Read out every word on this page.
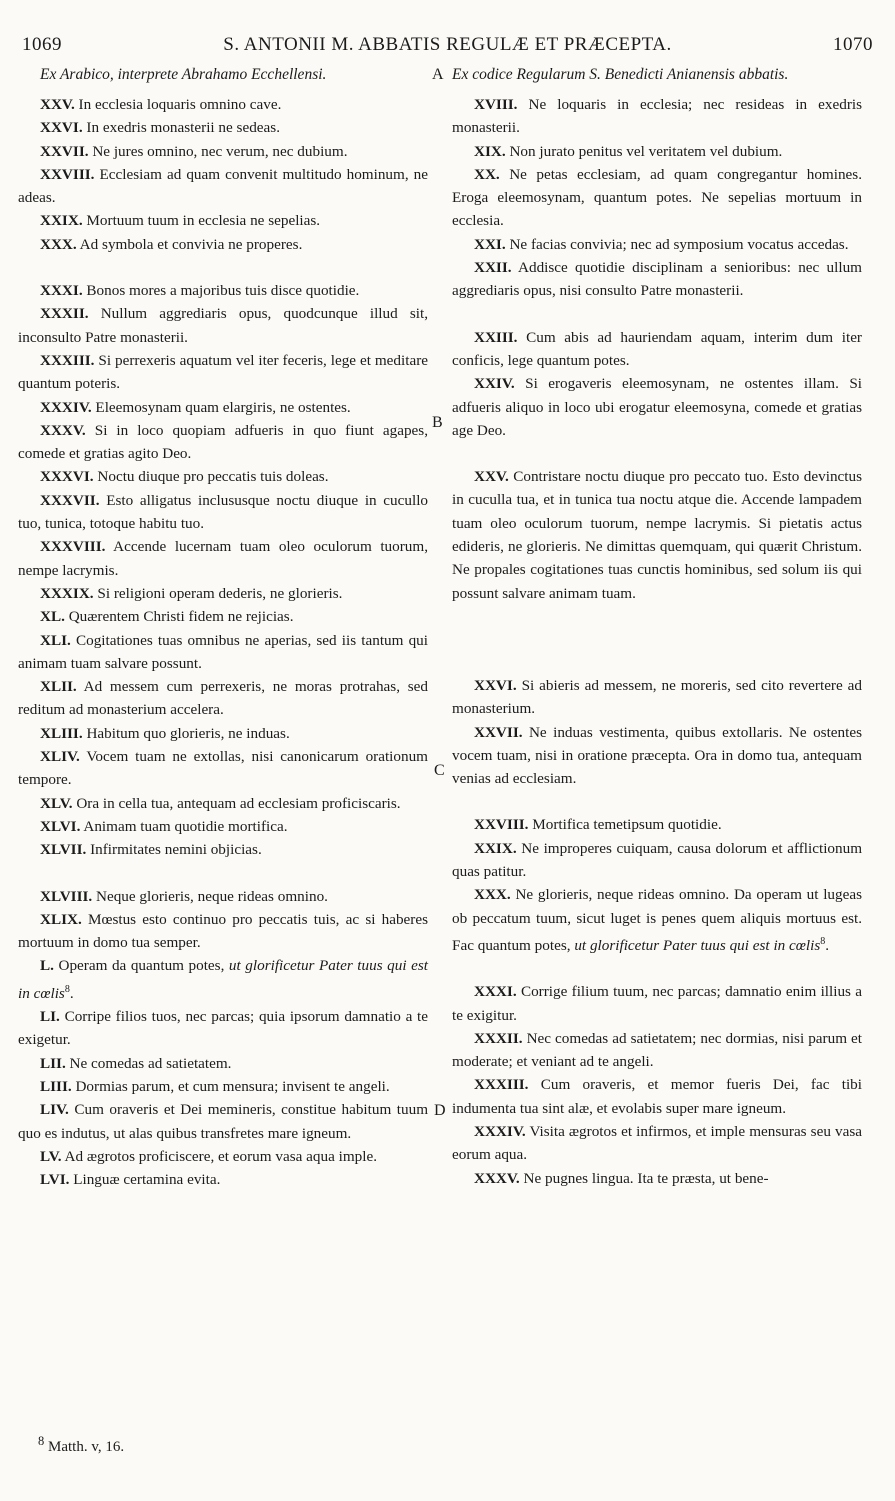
1069	S. ANTONII M. ABBATIS REGULÆ ET PRÆCEPTA.	1070
Ex Arabico, interprete Abrahamo Ecchellensi.	Ex codice Regularum S. Benedicti Anianensis abbatis.
A
B
C
D

XXV. In ecclesia loquaris omnino cave.

XXVI. In exedris monasterii ne sedeas.

XXVII. Ne jures omnino, nec verum, nec dubium.

XXVIII. Ecclesiam ad quam convenit multitudo hominum, ne adeas.

XXIX. Mortuum tuum in ecclesia ne sepelias.

XXX. Ad symbola et convivia ne properes.

XXXI. Bonos mores a majoribus tuis disce quotidie.

XXXII. Nullum aggrediaris opus, quodcunque illud sit, inconsulto Patre monasterii.

XXXIII. Si perrexeris aquatum vel iter feceris, lege et meditare quantum poteris.

XXXIV. Eleemosynam quam elargiris, ne ostentes.

XXXV. Si in loco quopiam adfueris in quo fiunt agapes, comede et gratias agito Deo.

XXXVI. Noctu diuque pro peccatis tuis doleas.

XXXVII. Esto alligatus inclususque noctu diuque in cucullo tuo, tunica, totoque habitu tuo.

XXXVIII. Accende lucernam tuam oleo oculorum tuorum, nempe lacrymis.

XXXIX. Si religioni operam dederis, ne glorieris.

XL. Quærentem Christi fidem ne rejicias.

XLI. Cogitationes tuas omnibus ne aperias, sed iis tantum qui animam tuam salvare possunt.

XLII. Ad messem cum perrexeris, ne moras protrahas, sed reditum ad monasterium accelera.

XLIII. Habitum quo glorieris, ne induas.

XLIV. Vocem tuam ne extollas, nisi canonicarum orationum tempore.

XLV. Ora in cella tua, antequam ad ecclesiam proficiscaris.

XLVI. Animam tuam quotidie mortifica.

XLVII. Infirmitates nemini objicias.

XLVIII. Neque glorieris, neque rideas omnino.

XLIX. Mœstus esto continuo pro peccatis tuis, ac si haberes mortuum in domo tua semper.

L. Operam da quantum potes, ut glorificetur Pater tuus qui est in cœlis$^8$.

LI. Corripe filios tuos, nec parcas; quia ipsorum damnatio a te exigetur.

LII. Ne comedas ad satietatem.

LIII. Dormias parum, et cum mensura; invisent te angeli.

LIV. Cum oraveris et Dei memineris, constitue habitum tuum quo es indutus, ut alas quibus transfretes mare igneum.

LV. Ad ægrotos proficiscere, et eorum vasa aqua imple.

LVI. Linguæ certamina evita.

XVIII. Ne loquaris in ecclesia; nec resideas in exedris monasterii.

XIX. Non jurato penitus vel veritatem vel dubium.

XX. Ne petas ecclesiam, ad quam congregantur homines. Eroga eleemosynam, quantum potes. Ne sepelias mortuum in ecclesia.

XXI. Ne facias convivia; nec ad symposium vocatus accedas.

XXII. Addisce quotidie disciplinam a senioribus: nec ullum aggrediaris opus, nisi consulto Patre monasterii.

XXIII. Cum abis ad hauriendam aquam, interim dum iter conficis, lege quantum potes.

XXIV. Si erogaveris eleemosynam, ne ostentes illam. Si adfueris aliquo in loco ubi erogatur eleemosyna, comede et gratias age Deo.

XXV. Contristare noctu diuque pro peccato tuo. Esto devinctus in cuculla tua, et in tunica tua noctu atque die. Accende lampadem tuam oleo oculorum tuorum, nempe lacrymis. Si pietatis actus edideris, ne glorieris. Ne dimittas quemquam, qui quærit Christum. Ne propales cogitationes tuas cunctis hominibus, sed solum iis qui possunt salvare animam tuam.

XXVI. Si abieris ad messem, ne moreris, sed cito revertere ad monasterium.

XXVII. Ne induas vestimenta, quibus extollaris. Ne ostentes vocem tuam, nisi in oratione præcepta. Ora in domo tua, antequam venias ad ecclesiam.

XXVIII. Mortifica temetipsum quotidie.

XXIX. Ne improperes cuiquam, causa dolorum et afflictionum quas patitur.

XXX. Ne glorieris, neque rideas omnino. Da operam ut lugeas ob peccatum tuum, sicut luget is penes quem aliquis mortuus est. Fac quantum potes, ut glorificetur Pater tuus qui est in cœlis$^8$.

XXXI. Corrige filium tuum, nec parcas; damnatio enim illius a te exigitur.

XXXII. Nec comedas ad satietatem; nec dormias, nisi parum et moderate; et veniant ad te angeli.

XXXIII. Cum oraveris, et memor fueris Dei, fac tibi indumenta tua sint alæ, et evolabis super mare igneum.

XXXIV. Visita ægrotos et infirmos, et imple mensuras seu vasa eorum aqua.

XXXV. Ne pugnes lingua. Ita te præsta, ut bene-

$^8$ Matth. v, 16.
